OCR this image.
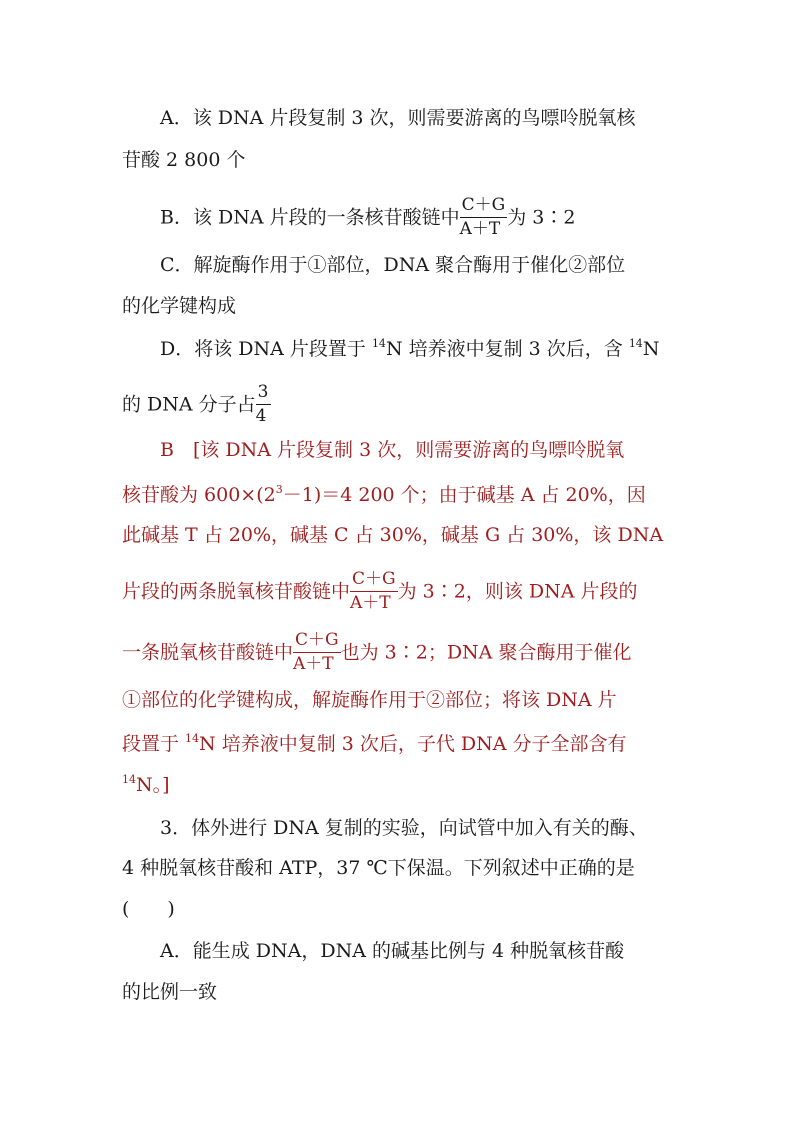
A．该 DNA 片段复制 3 次，则需要游离的鸟嘌呤脱氧核
苷酸 2 800 个
B．该 DNA 片段的一条核苷酸链中 $\frac{C+G}{A+T}$ 为 3∶2
C．解旋酶作用于①部位，DNA 聚合酶用于催化②部位
的化学键构成
D．将该 DNA 片段置于 $^{14}$N 培养液中复制 3 次后，含 $^{14}$N
的 DNA 分子占 $\frac{3}{4}$
B　[该 DNA 片段复制 3 次，则需要游离的鸟嘌呤脱氧
核苷酸为 $600\times(2^3-1)=4$ 200 个；由于碱基 A 占 20%，因
此碱基 T 占 20%，碱基 C 占 30%，碱基 G 占 30%，该 DNA
片段的两条脱氧核苷酸链中 $\frac{C+G}{A+T}$ 为 3∶2，则该 DNA 片段的
一条脱氧核苷酸链中 $\frac{C+G}{A+T}$ 也为 3∶2；DNA 聚合酶用于催化
①部位的化学键构成，解旋酶作用于②部位；将该 DNA 片
段置于 $^{14}$N 培养液中复制 3 次后，子代 DNA 分子全部含有
$^{14}$N。]
3．体外进行 DNA 复制的实验，向试管中加入有关的酶、
4 种脱氧核苷酸和 ATP，37 ℃下保温。下列叙述中正确的是
(　　)
A．能生成 DNA，DNA 的碱基比例与 4 种脱氧核苷酸
的比例一致
